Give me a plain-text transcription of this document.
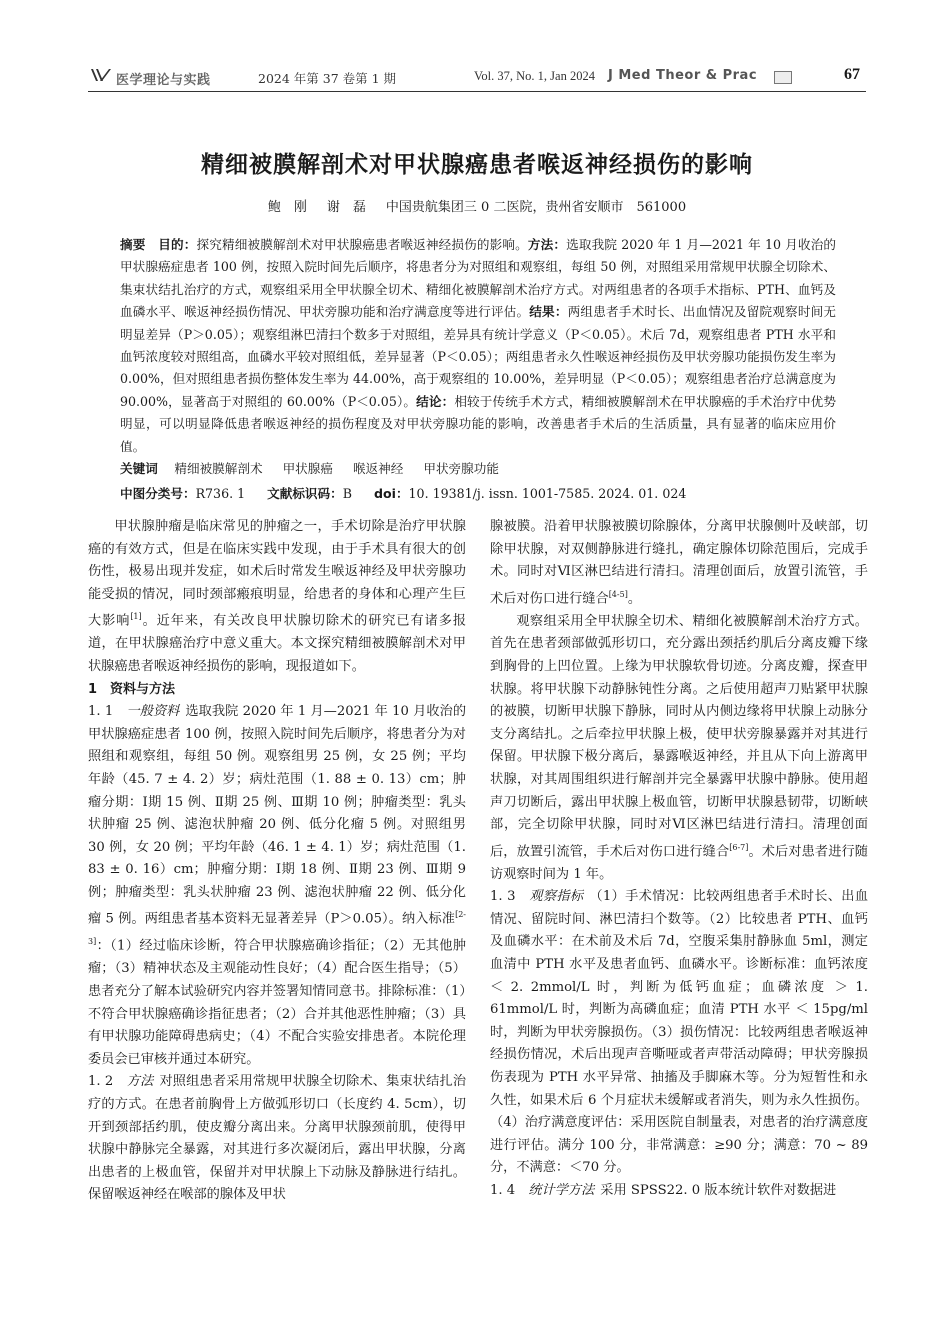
医学理论与实践	2024 年第 37 卷第 1 期	Vol. 37, No. 1, Jan 2024 J Med Theor & Prac	67
精细被膜解剖术对甲状腺癌患者喉返神经损伤的影响
鲍　刚 谢　磊 中国贵航集团三 0 二医院，贵州省安顺市　561000

摘要　 目的：探究精细被膜解剖术对甲状腺癌患者喉返神经损伤的影响。方法：选取我院 2020 年 1 月—2021 年 10 月收治的甲状腺癌症患者 100 例，按照入院时间先后顺序，将患者分为对照组和观察组，每组 50 例，对照组采用常规甲状腺全切除术、集束状结扎治疗的方式，观察组采用全甲状腺全切术、精细化被膜解剖术治疗方式。对两组患者的各项手术指标、PTH、血钙及血磷水平、喉返神经损伤情况、甲状旁腺功能和治疗满意度等进行评估。结果：两组患者手术时长、出血情况及留院观察时间无明显差异（P＞0.05）；观察组淋巴清扫个数多于对照组，差异具有统计学意义（P＜0.05）。术后 7d，观察组患者 PTH 水平和血钙浓度较对照组高，血磷水平较对照组低，差异显著（P＜0.05）；两组患者永久性喉返神经损伤及甲状旁腺功能损伤发生率为 0.00%，但对照组患者损伤整体发生率为 44.00%，高于观察组的 10.00%，差异明显（P＜0.05）；观察组患者治疗总满意度为 90.00%，显著高于对照组的 60.00%（P＜0.05）。结论：相较于传统手术方式，精细被膜解剖术在甲状腺癌的手术治疗中优势明显，可以明显降低患者喉返神经的损伤程度及对甲状旁腺功能的影响，改善患者手术后的生活质量，具有显著的临床应用价值。

关键词　 精细被膜解剖术 甲状腺癌 喉返神经 甲状旁腺功能
中图分类号：R736. 1 文献标识码：B doi：10. 19381/j. issn. 1001-7585. 2024. 01. 024

甲状腺肿瘤是临床常见的肿瘤之一，手术切除是治疗甲状腺癌的有效方式，但是在临床实践中发现，由于手术具有很大的创伤性，极易出现并发症，如术后时常发生喉返神经及甲状旁腺功能受损的情况，同时颈部瘢痕明显，给患者的身体和心理产生巨大影响[1]。近年来，有关改良甲状腺切除术的研究已有诸多报道，在甲状腺癌治疗中意义重大。本文探究精细被膜解剖术对甲状腺癌患者喉返神经损伤的影响，现报道如下。

1　资料与方法

1. 1　 一般资料 选取我院 2020 年 1 月—2021 年 10 月收治的甲状腺癌症患者 100 例，按照入院时间先后顺序，将患者分为对照组和观察组，每组 50 例。观察组男 25 例，女 25 例；平均年龄（45. 7 ± 4. 2）岁；病灶范围（1. 88 ± 0. 13）cm；肿瘤分期：Ⅰ期 15 例、Ⅱ期 25 例、Ⅲ期 10 例；肿瘤类型：乳头状肿瘤 25 例、滤泡状肿瘤 20 例、低分化瘤 5 例。对照组男 30 例，女 20 例；平均年龄（46. 1 ± 4. 1）岁；病灶范围（1. 83 ± 0. 16）cm；肿瘤分期：Ⅰ期 18 例、Ⅱ期 23 例、Ⅲ期 9 例；肿瘤类型：乳头状肿瘤 23 例、滤泡状肿瘤 22 例、低分化瘤 5 例。两组患者基本资料无显著差异（P＞0.05）。纳入标准[2-3]：（1）经过临床诊断，符合甲状腺癌确诊指征；（2）无其他肿瘤；（3）精神状态及主观能动性良好；（4）配合医生指导；（5）患者充分了解本试验研究内容并签署知情同意书。排除标准：（1）不符合甲状腺癌确诊指征患者；（2）合并其他恶性肿瘤；（3）具有甲状腺功能障碍患病史；（4）不配合实验安排患者。本院伦理委员会已审核并通过本研究。

1. 2　 方法 对照组患者采用常规甲状腺全切除术、集束状结扎治疗的方式。在患者前胸骨上方做弧形切口（长度约 4. 5cm），切开到颈部括约肌，使皮瓣分离出来。分离甲状腺颈前肌，使得甲状腺中静脉完全暴露，对其进行多次凝闭后，露出甲状腺，分离出患者的上极血管，保留并对甲状腺上下动脉及静脉进行结扎。保留喉返神经在喉部的腺体及甲状

腺被膜。沿着甲状腺被膜切除腺体，分离甲状腺侧叶及峡部，切除甲状腺，对双侧静脉进行缝扎，确定腺体切除范围后，完成手术。同时对Ⅵ区淋巴结进行清扫。清理创面后，放置引流管，手术后对伤口进行缝合[4-5]。

观察组采用全甲状腺全切术、精细化被膜解剖术治疗方式。首先在患者颈部做弧形切口，充分露出颈括约肌后分离皮瓣下缘到胸骨的上凹位置。上缘为甲状腺软骨切迹。分离皮瓣，探查甲状腺。将甲状腺下动静脉钝性分离。之后使用超声刀贴紧甲状腺的被膜，切断甲状腺下静脉，同时从内侧边缘将甲状腺上动脉分支分离结扎。之后牵拉甲状腺上极，使甲状旁腺暴露并对其进行保留。甲状腺下极分离后，暴露喉返神经，并且从下向上游离甲状腺，对其周围组织进行解剖并完全暴露甲状腺中静脉。使用超声刀切断后，露出甲状腺上极血管，切断甲状腺悬韧带，切断峡部，完全切除甲状腺，同时对Ⅵ区淋巴结进行清扫。清理创面后，放置引流管，手术后对伤口进行缝合[6-7]。术后对患者进行随访观察时间为 1 年。

1. 3　 观察指标 （1）手术情况：比较两组患者手术时长、出血情况、留院时间、淋巴清扫个数等。（2）比较患者 PTH、血钙及血磷水平：在术前及术后 7d，空腹采集肘静脉血 5ml，测定血清中 PTH 水平及患者血钙、血磷水平。诊断标准：血钙浓度 ＜ 2. 2mmol/L 时，判断为低钙血症；血磷浓度 ＞ 1. 61mmol/L 时，判断为高磷血症；血清 PTH 水平 ＜ 15pg/ml 时，判断为甲状旁腺损伤。（3）损伤情况：比较两组患者喉返神经损伤情况，术后出现声音嘶哑或者声带活动障碍；甲状旁腺损伤表现为 PTH 水平异常、抽搐及手脚麻木等。分为短暂性和永久性，如果术后 6 个月症状未缓解或者消失，则为永久性损伤。（4）治疗满意度评估：采用医院自制量表，对患者的治疗满意度进行评估。满分 100 分，非常满意：≥90 分；满意：70 ~ 89 分，不满意：＜70 分。

1. 4　 统计学方法 采用 SPSS22. 0 版本统计软件对数据进
